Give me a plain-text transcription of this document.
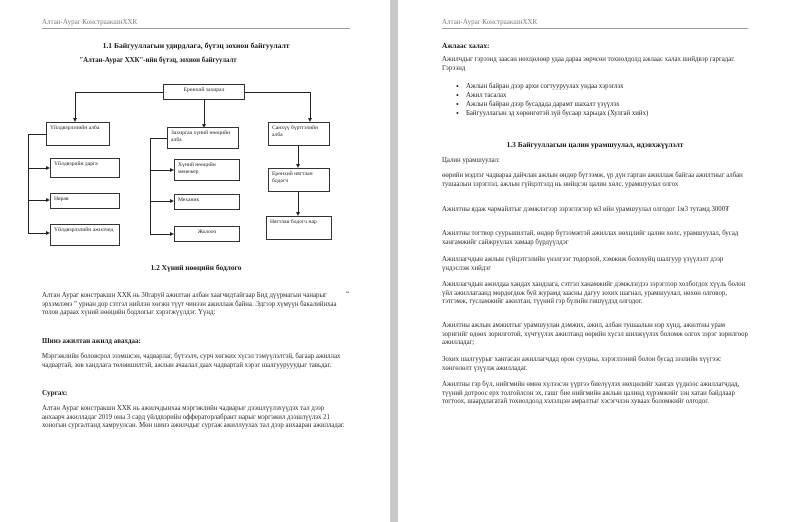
Алтан-Аураг КонстраакшнХХК
1.1 Байгууллагын удирдлага, бүтэц зохион байгуулалт
"Алтан-Аураг ХХК"-ийн бүтэц, зохион байгуулалт
Ерөнхий захирал
Үйлдвэрлэлийн алба
Үйлдвэрийн дарга
Нярав
Үйлдвэрлэлийн ажилчид
Захиргаа хүний нөөцийн алба
Хүний нөөцийн менежер
Механик
Жолооч
Санхүү бүртгэлийн алба
Ерөнхий нягтлан бодогч
Нягтлан бодогч нар
1.2 Хүний нөөцийн бодлого
Алтан Аураг констракшн ХХК нь 30гаруй ажилтан албан хаагчидтайгаар Бид дүүрмагын чанарыг эрхэмлэмэ ” уриан дор сэтгэл нийлэн хөгжн түүт чинээн ажиллаж байна. Эдгээр хүмүүн бакалийнхаа толов дараах хүний нөөцийн бодлогыг хэрэгжүүлдэг. Үүнд:
“
Шинэ ажилтан ажилд авахдаа:
Мэргэжлийн боловсрол эзэмшсэн, чадварлаг, бүтээлч, сурч хөгжих хүсэл тэмүүлэлтэй, багаар ажиллах чадвартай, зөв хандлага төлөвшилтэй, ажлын ачаалал даах чадвартай хэрэг шалгуурууудыг тавьдаг.
Сургах:
Алтан Аураг констракшн ХХК нь ажилчдынхаа мэргэжлийн чадварыг дээшлүүлэхүүдэх тал дээр анхаарч ажилладаг 2019 оны 3 сард үйлдвэрийн оффераторлабрант нарыг мэргэжил дээшлүүлэх 21 хоногын сургалтанд хамруулсан. Мөн шинэ ажилчдыг сургаж ажиллуулах тал дээр анхааран ажилладаг.
Алтан-Аураг КонстраакшнХХК
Ажлаас халах:
Ажилчдыг гэрээнд заасан нөхцөлөөр удаа дараа зөрчсөн тохиолдолд ажлаас халах шийдвэр гаргадаг. Гэрээнд
• Ажлын байран дээр архи согтууруулах ундаа хэрэглэх
• Ажил тасалах
• Ажлын байран дээр бусадада дарамт шахалт үзүүлэх
• Байгууллагын эд хөрөнгөтэй зүй бусаар харьцах (Хулгай хийх)
1.3 Байгууллагын цалин урамшуулал, идэвхжүүлэлт
Цалин урамшуулал:
өөрийн мэдлэг чадвараа дайчлан ажлын өндөр бүтээмж, үр дүн гарган ажиллаж байгаа ажилтныг албан тушаалын зэрэглэл, ажлын гүйцэтгэлд нь нийцсэн цалин хөлс, урамшуулал олгох
Ажилтны ядаж чармайлтыг дэмжлэгээр зэрэглэгээр м3 ийн урамшуулал олгодог 1м3 тутамд 3000₮
Ажилтны тогтвор суурьшилтай, өндөр бүтээмжтэй ажиллах нөхцлийг цалин хөлс, урамшуулал, бусад хангамжийг сайжруулах замаар бүрдүүлдэг
Ажиллагчдын ажлын гүйцэтгэлийн үнэлгээг тодорхой, хэмжиж болохуйц шалгуур үзүүлэлт дээр үндэслэж хийдэг
Ажиллагчдын ажилдаа хандах хандлага, сэтгэл ханамжийг дэмжлэгдээ зэрэглээр холбогдох хүүль болон үйл ажиллагаанд мөрдөгдөж буй журамд заасны дагуу зохих шагнал, урамшуулал, нөхөн олговор, тэтгэмж, тусламжийг ажилтан, түүний гэр бүлийн гишүүдэд олгодог.
Ажилтны ажлын амжилтыг урамшуулан дэмжих, ажил, албан тушаалын нэр хүнд, ажилтны урам зоригийг өдөөх зорилготой, хүчтүүлэх ажилтанд өөрийн хүсэл шилжүүлэх боломж олгох зэрэг зорилгоор ажилладаг;
Зохих шалгуурыг хангасан ажиллагчдад орон сууцны, хэрэглээний болон бусад зээлийн хүүгээс хөнгөлөлт үзүүлж ажилладаг.
Ажилтны гэр бүл, нийгмийн өмнө хүлээсэн үүргээ биелүүлэх нөхцөлийг хангах үүднээс ажиллагчдад, түүний дотроос ерх толгойлсон эх, гашг бие нийгмийн ажлын цалинд хүрэмжийг зэн хатан байдлаар тогтоох, шаардлагатай тохиолдолд хэлэлцэн амралтыг хэсэгчлэн хуваах боломжийг олгодог.
